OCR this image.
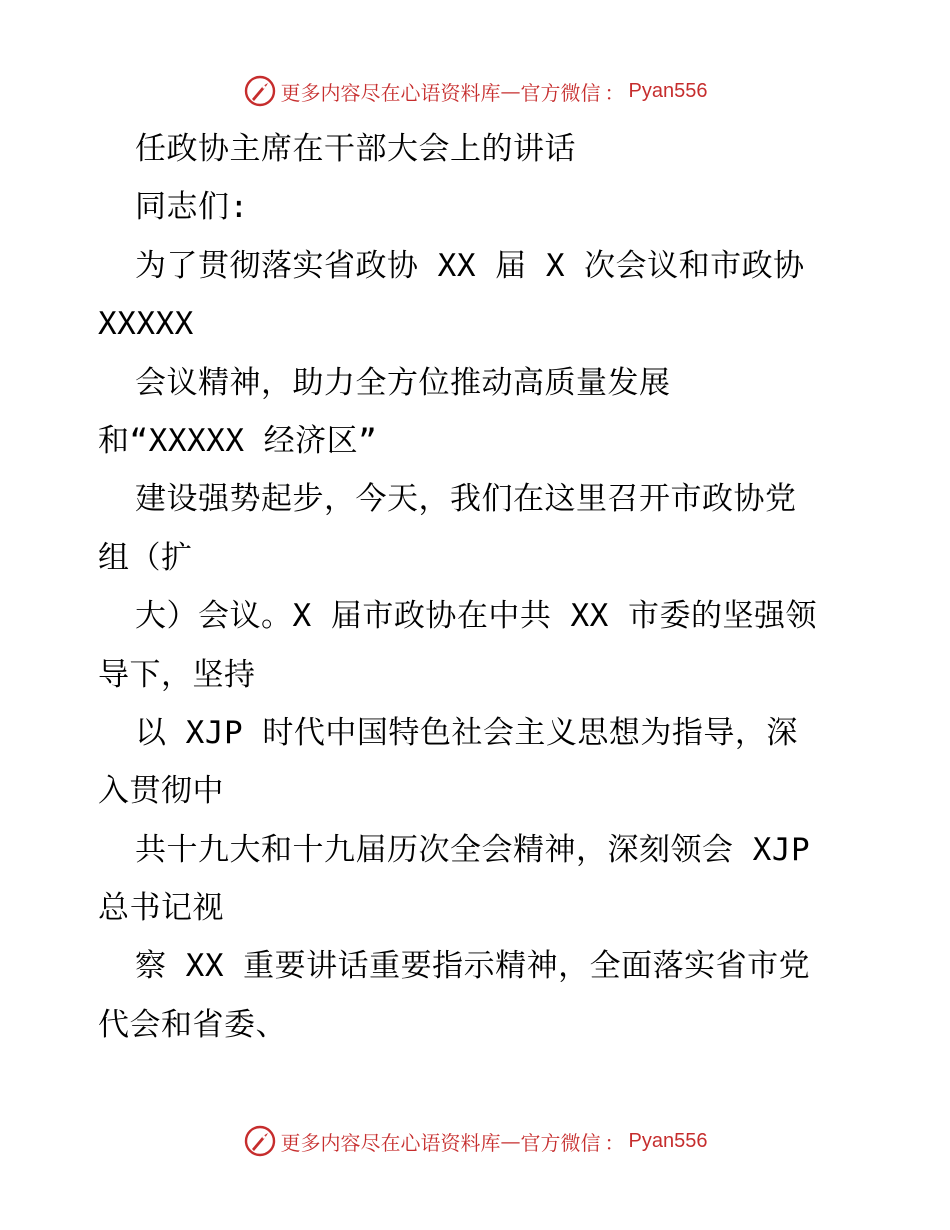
更多内容尽在心语资料库 — 官方微信 ： Pyan556
任政协主席在干部大会上的讲话
同志们:
为了贯彻落实省政协 XX 届 X 次会议和市政协
XXXXX
会议精神，助力全方位推动高质量发展
和“XXXXX 经济区”
建设强势起步，今天，我们在这里召开市政协党
组（扩
大）会议。X 届市政协在中共 XX 市委的坚强领
导下，坚持
以 XJP 时代中国特色社会主义思想为指导，深
入贯彻中
共十九大和十九届历次全会精神，深刻领会 XJP
总书记视
察 XX 重要讲话重要指示精神，全面落实省市党
代会和省委、
更多内容尽在心语资料库 — 官方微信 ： Pyan556
